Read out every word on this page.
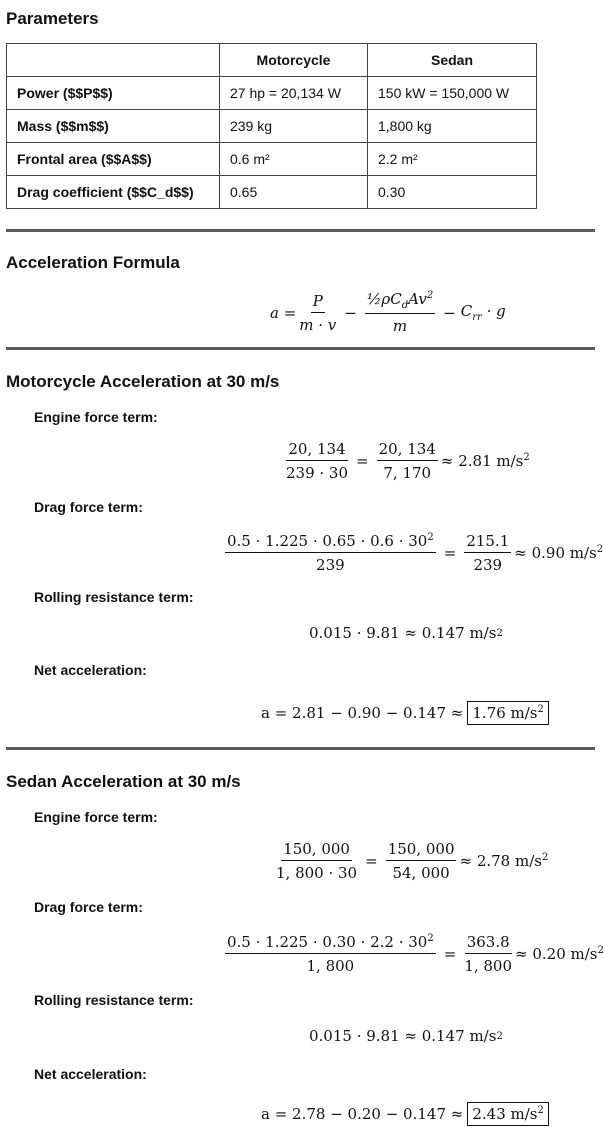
Parameters
	Motorcycle	Sedan
Power ($$P$$)	27 hp = 20,134 W	150 kW = 150,000 W
Mass ($$m$$)	239 kg	1,800 kg
Frontal area ($$A$$)	0.6 m²	2.2 m²
Drag coefficient ($$C_d$$)	0.65	0.30
Acceleration Formula
$a = \frac{P}{m \cdot v} - \frac{\frac{1}{2}\rho C_dAv^2}{m} - C_{rr} \cdot g$
Motorcycle Acceleration at 30 m/s
Engine force term:
$\frac{20, 134}{239 \cdot 30} = \frac{20, 134}{7, 170} \approx 2.81$ $m/s^2$
Drag force term:
$\frac{0.5 \cdot 1.225 \cdot 0.65 \cdot 0.6 \cdot 30^2}{239} = \frac{215.1}{239} \approx 0.90$ $m/s^2$
Rolling resistance term:
0.015 · 9.81 ≈ 0.147 m/s 2
Net acceleration:
a = 2.81 − 0.90 − 0.147 ≈ 1.76 $m/s^2$
Sedan Acceleration at 30 m/s
Engine force term:
$\frac{150, 000}{1, 800 \cdot 30} = \frac{150, 000}{54, 000} \approx 2.78$ $m/s^2$
Drag force term:
$\frac{0.5 \cdot 1.225 \cdot 0.30 \cdot 2.2 \cdot 30^2}{1, 800} = \frac{363.8}{1, 800} \approx 0.20$ $m/s^2$
Rolling resistance term:
0.015 · 9.81 ≈ 0.147 m/s 2
Net acceleration:
a = 2.78 − 0.20 − 0.147 ≈ 2.43 $m/s^2$
